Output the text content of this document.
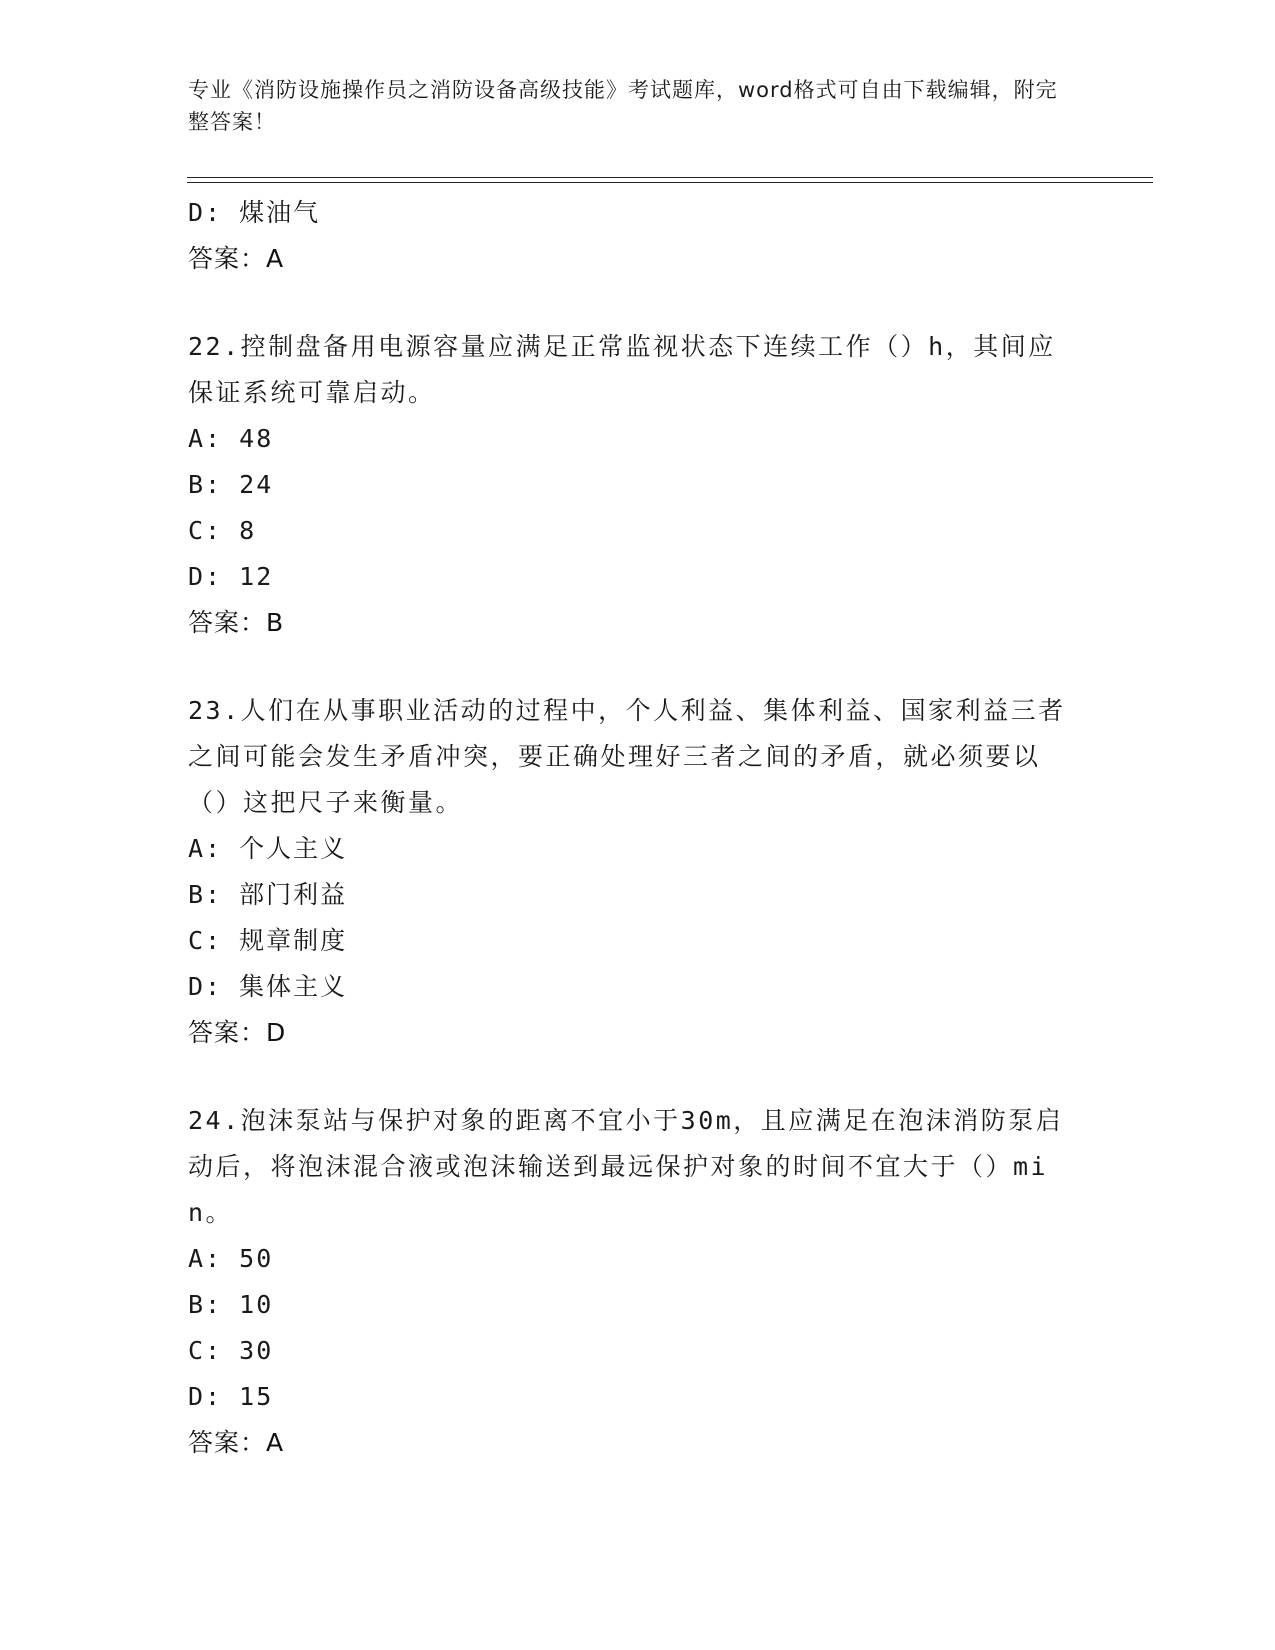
专业《消防设施操作员之消防设备高级技能》考试题库，word格式可自由下载编辑，附完整答案！
D: 煤油气
答案：A
22.控制盘备用电源容量应满足正常监视状态下连续工作（）h，其间应保证系统可靠启动。
A: 48
B: 24
C: 8
D: 12
答案：B
23.人们在从事职业活动的过程中，个人利益、集体利益、国家利益三者之间可能会发生矛盾冲突，要正确处理好三者之间的矛盾，就必须要以（）这把尺子来衡量。
A: 个人主义
B: 部门利益
C: 规章制度
D: 集体主义
答案：D
24.泡沫泵站与保护对象的距离不宜小于30m，且应满足在泡沫消防泵启动后，将泡沫混合液或泡沫输送到最远保护对象的时间不宜大于（）min。
A: 50
B: 10
C: 30
D: 15
答案：A
